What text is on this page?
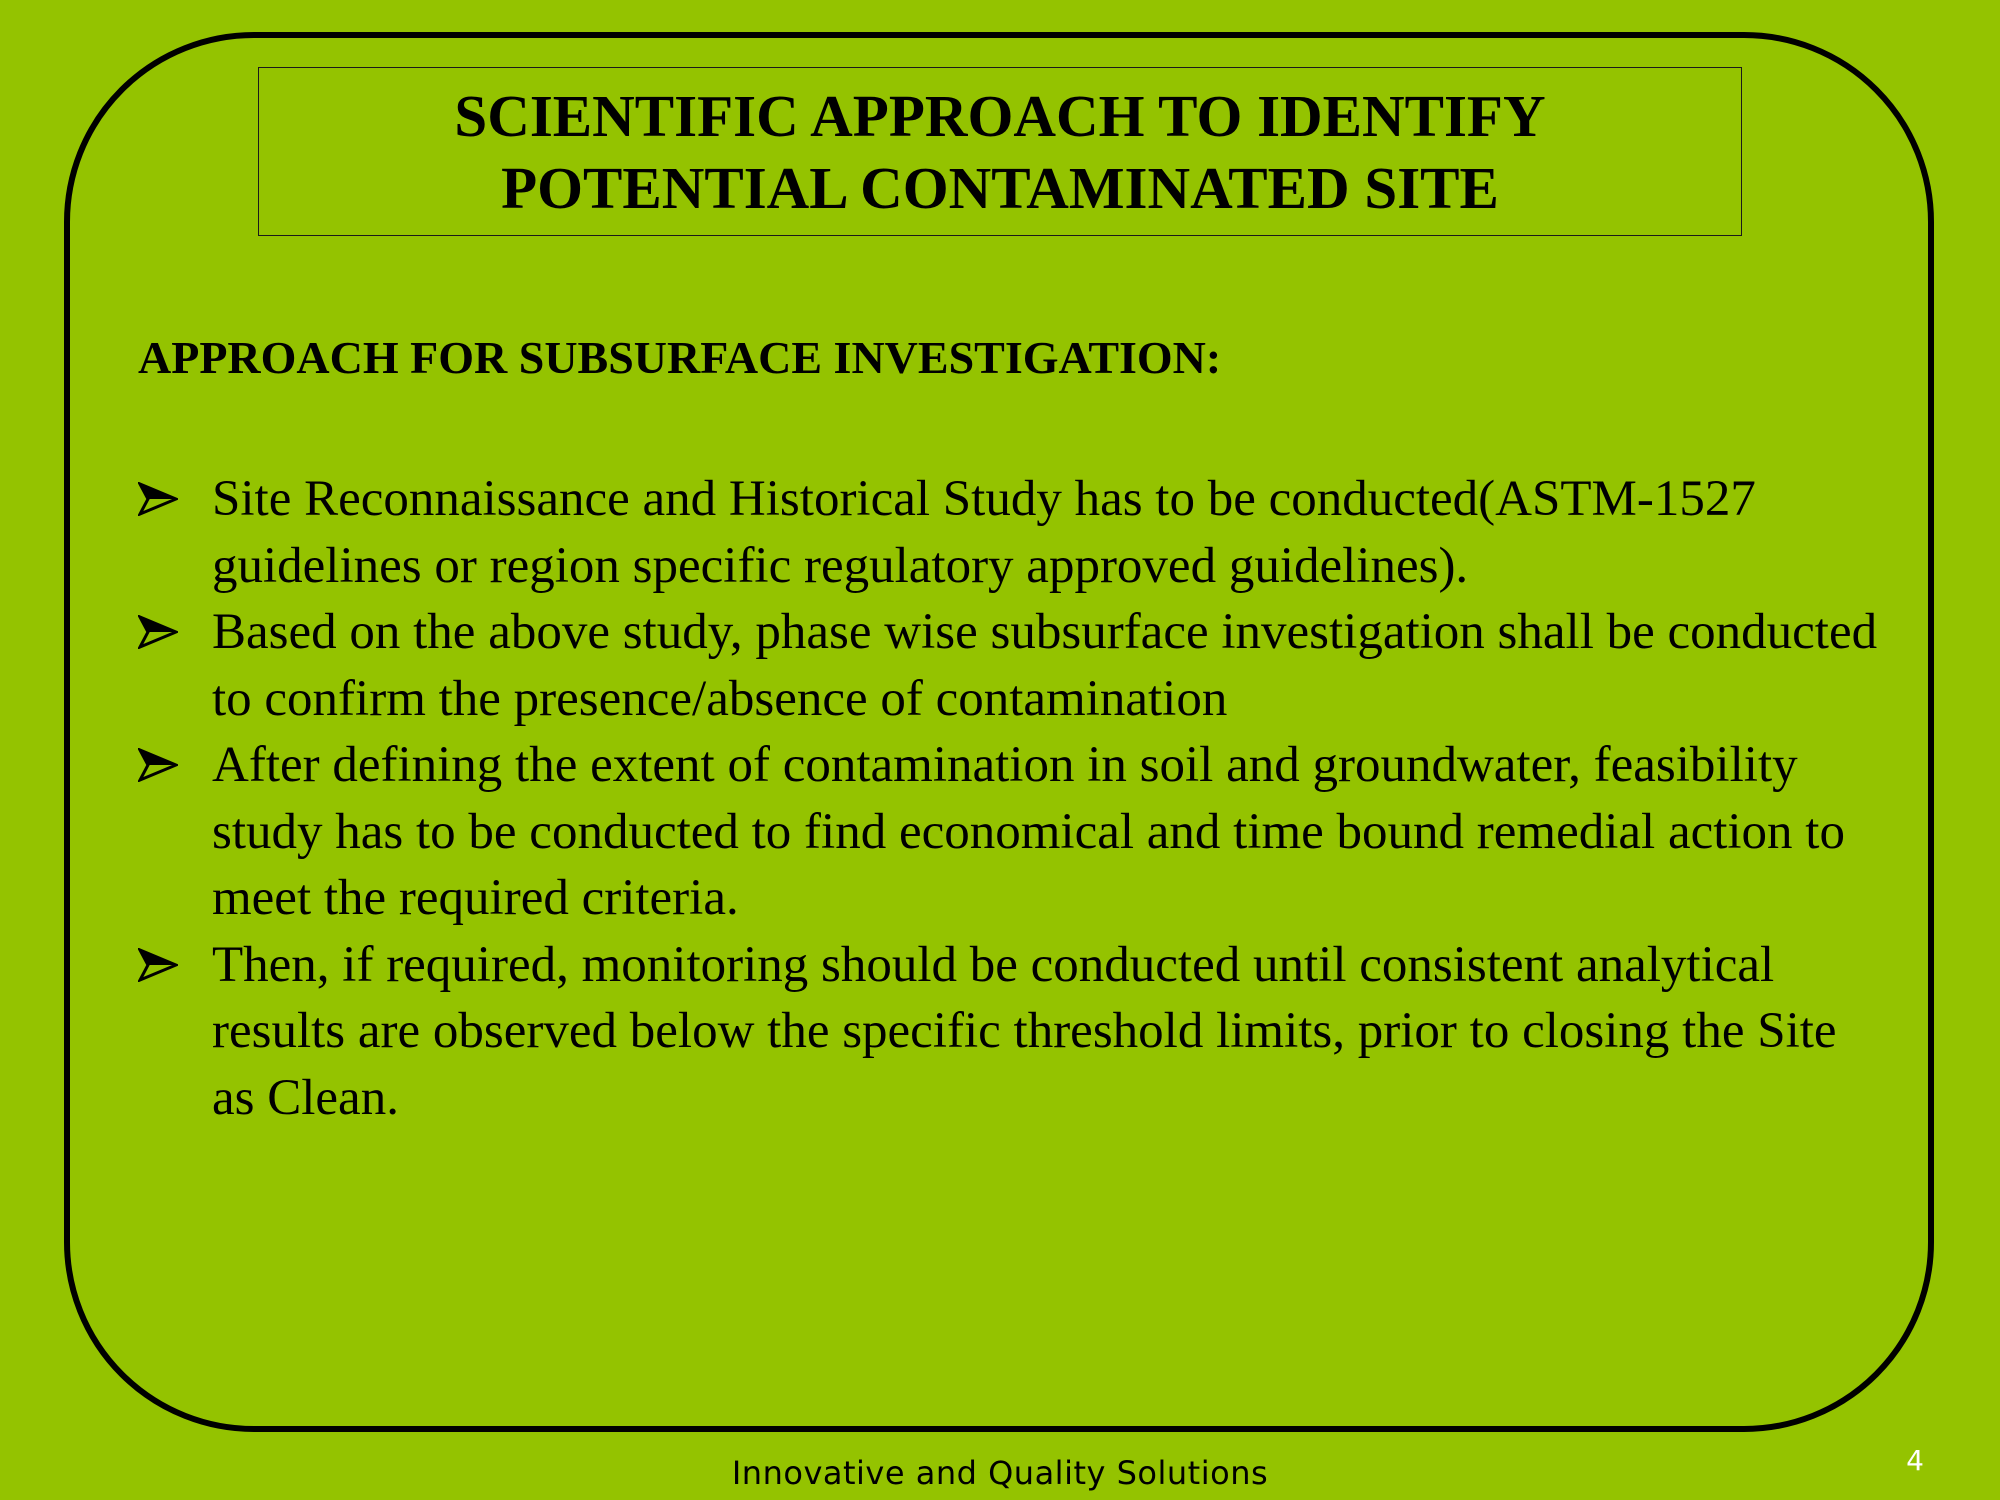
SCIENTIFIC APPROACH TO IDENTIFY
POTENTIAL CONTAMINATED SITE
APPROACH FOR SUBSURFACE INVESTIGATION:
Site Reconnaissance and Historical Study has to be conducted(ASTM-1527 guidelines or region specific regulatory approved guidelines).
Based on the above study, phase wise subsurface investigation shall be conducted to confirm the presence/absence of contamination
After defining the extent of contamination in soil and groundwater, feasibility study has to be conducted to find economical and time bound remedial action to meet the required criteria.
Then, if required, monitoring should be conducted until consistent analytical results are observed below the specific threshold limits, prior to closing the Site as Clean.
Innovative and Quality Solutions	4
